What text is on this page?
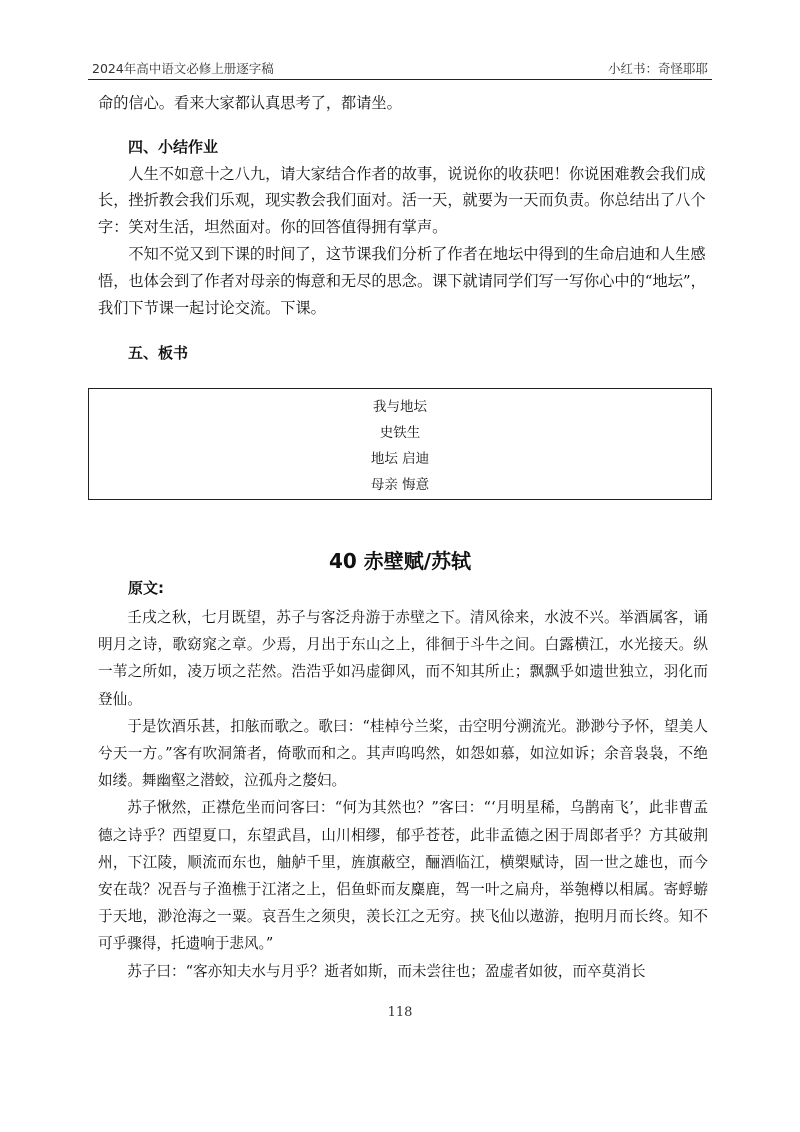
2024年高中语文必修上册逐字稿	小红书：奇怪耶耶

命的信心。看来大家都认真思考了，都请坐。

四、小结作业

人生不如意十之八九，请大家结合作者的故事，说说你的收获吧！你说困难教会我们成长，挫折教会我们乐观，现实教会我们面对。活一天，就要为一天而负责。你总结出了八个字：笑对生活，坦然面对。你的回答值得拥有掌声。

不知不觉又到下课的时间了，这节课我们分析了作者在地坛中得到的生命启迪和人生感悟，也体会到了作者对母亲的悔意和无尽的思念。课下就请同学们写一写你心中的“地坛”，我们下节课一起讨论交流。下课。

五、板书

我与地坛
史铁生
地坛 启迪
母亲 悔意
40 赤壁赋/苏轼

原文:

壬戌之秋，七月既望，苏子与客泛舟游于赤壁之下。清风徐来，水波不兴。举酒属客，诵明月之诗，歌窈窕之章。少焉，月出于东山之上，徘徊于斗牛之间。白露横江，水光接天。纵一苇之所如，凌万顷之茫然。浩浩乎如冯虚御风，而不知其所止；飘飘乎如遗世独立，羽化而登仙。

于是饮酒乐甚，扣舷而歌之。歌曰：“桂棹兮兰桨，击空明兮溯流光。渺渺兮予怀，望美人兮天一方。”客有吹洞箫者，倚歌而和之。其声呜呜然，如怨如慕，如泣如诉；余音袅袅，不绝如缕。舞幽壑之潜蛟，泣孤舟之嫠妇。

苏子愀然，正襟危坐而问客曰：“何为其然也？”客曰：“‘月明星稀，乌鹊南飞’，此非曹孟德之诗乎？西望夏口，东望武昌，山川相缪，郁乎苍苍，此非孟德之困于周郎者乎？方其破荆州，下江陵，顺流而东也，舳舻千里，旌旗蔽空，酾酒临江，横槊赋诗，固一世之雄也，而今安在哉？况吾与子渔樵于江渚之上，侣鱼虾而友麋鹿，驾一叶之扁舟，举匏樽以相属。寄蜉蝣于天地，渺沧海之一粟。哀吾生之须臾，羡长江之无穷。挟飞仙以遨游，抱明月而长终。知不可乎骤得，托遗响于悲风。”

苏子曰：“客亦知夫水与月乎？逝者如斯，而未尝往也；盈虚者如彼，而卒莫消长

118
